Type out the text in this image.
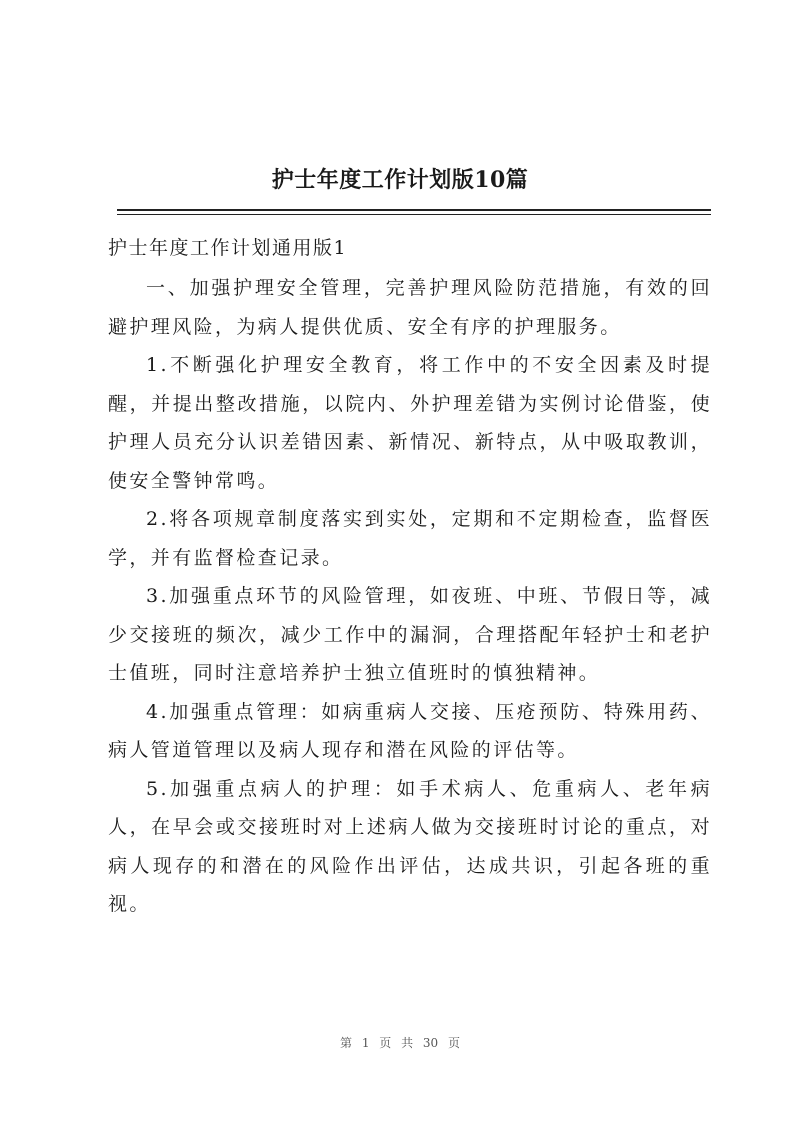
护士年度工作计划版10篇
护士年度工作计划通用版1

一、加强护理安全管理，完善护理风险防范措施，有效的回避护理风险，为病人提供优质、安全有序的护理服务。

1.不断强化护理安全教育，将工作中的不安全因素及时提醒，并提出整改措施，以院内、外护理差错为实例讨论借鉴，使护理人员充分认识差错因素、新情况、新特点，从中吸取教训，使安全警钟常鸣。

2.将各项规章制度落实到实处，定期和不定期检查，监督医学，并有监督检查记录。

3.加强重点环节的风险管理，如夜班、中班、节假日等，减少交接班的频次，减少工作中的漏洞，合理搭配年轻护士和老护士值班，同时注意培养护士独立值班时的慎独精神。

4.加强重点管理：如病重病人交接、压疮预防、特殊用药、病人管道管理以及病人现存和潜在风险的评估等。

5.加强重点病人的护理：如手术病人、危重病人、老年病人，在早会或交接班时对上述病人做为交接班时讨论的重点，对病人现存的和潜在的风险作出评估，达成共识，引起各班的重视。

第 1 页 共 30 页
